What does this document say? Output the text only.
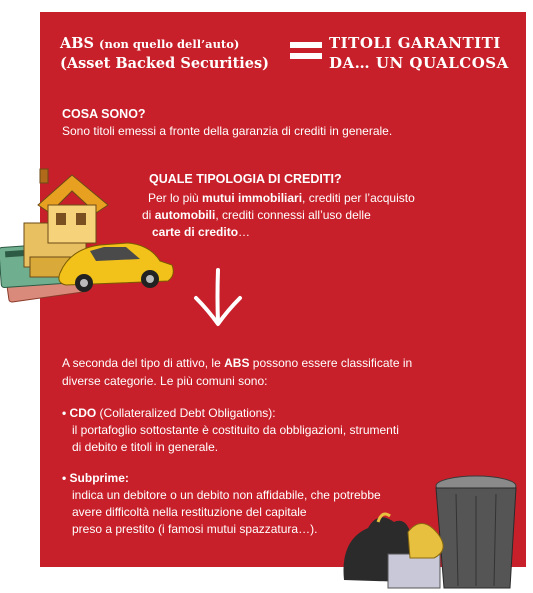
ABS (non quello dell’auto)
(Asset Backed Securities)
TITOLI GARANTITI
DA… UN QUALCOSA
COSA SONO?
Sono titoli emessi a fronte della garanzia di crediti in generale.
QUALE TIPOLOGIA DI CREDITI?
Per lo più mutui immobiliari, crediti per l’acquisto
di automobili, crediti connessi all’uso delle
carte di credito…
A seconda del tipo di attivo, le ABS possono essere classificate in
diverse categorie. Le più comuni sono:
• CDO (Collateralized Debt Obligations):
il portafoglio sottostante è costituito da obbligazioni, strumenti
di debito e titoli in generale.
• Subprime:
indica un debitore o un debito non affidabile, che potrebbe
avere difficoltà nella restituzione del capitale
preso a prestito (i famosi mutui spazzatura…).
